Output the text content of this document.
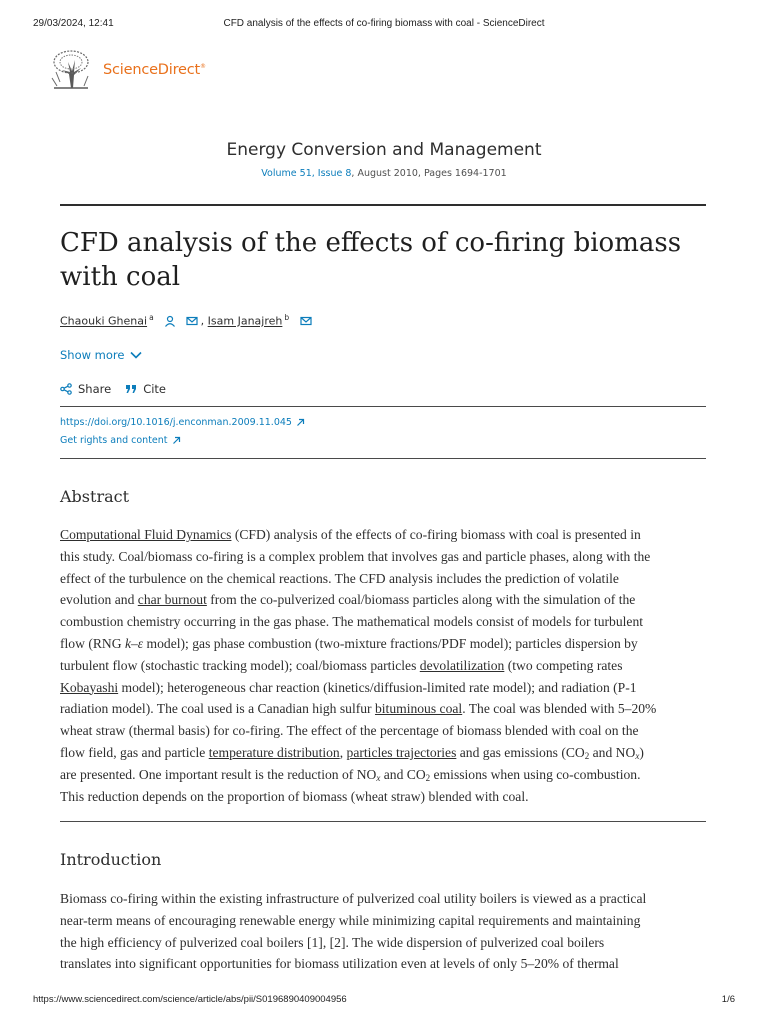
29/03/2024, 12:41	CFD analysis of the effects of co-firing biomass with coal - ScienceDirect
ScienceDirect®
Energy Conversion and Management
Volume 51, Issue 8, August 2010, Pages 1694-1701
CFD analysis of the effects of co-firing biomass with coal
Chaouki Ghenai $^a$	, Isam Janajreh $^b$
Show more
Share	Cite
https://doi.org/10.1016/j.enconman.2009.11.045
Get rights and content
Abstract
Computational Fluid Dynamics (CFD) analysis of the effects of co-firing biomass with coal is presented in
this study. Coal/biomass co-firing is a complex problem that involves gas and particle phases, along with the
effect of the turbulence on the chemical reactions. The CFD analysis includes the prediction of volatile
evolution and char burnout from the co-pulverized coal/biomass particles along with the simulation of the
combustion chemistry occurring in the gas phase. The mathematical models consist of models for turbulent
flow (RNG k–ε model); gas phase combustion (two-mixture fractions/PDF model); particles dispersion by
turbulent flow (stochastic tracking model); coal/biomass particles devolatilization (two competing rates
Kobayashi model); heterogeneous char reaction (kinetics/diffusion-limited rate model); and radiation (P-1
radiation model). The coal used is a Canadian high sulfur bituminous coal. The coal was blended with 5–20%
wheat straw (thermal basis) for co-firing. The effect of the percentage of biomass blended with coal on the
flow field, gas and particle temperature distribution, particles trajectories and gas emissions ($CO_2$ and $NO_x$)
are presented. One important result is the reduction of $NO_x$ and $CO_2$ emissions when using co-combustion.
This reduction depends on the proportion of biomass (wheat straw) blended with coal.
Introduction
Biomass co-firing within the existing infrastructure of pulverized coal utility boilers is viewed as a practical
near-term means of encouraging renewable energy while minimizing capital requirements and maintaining
the high efficiency of pulverized coal boilers [1], [2]. The wide dispersion of pulverized coal boilers
translates into significant opportunities for biomass utilization even at levels of only 5–20% of thermal
https://www.sciencedirect.com/science/article/abs/pii/S0196890409004956	1/6
